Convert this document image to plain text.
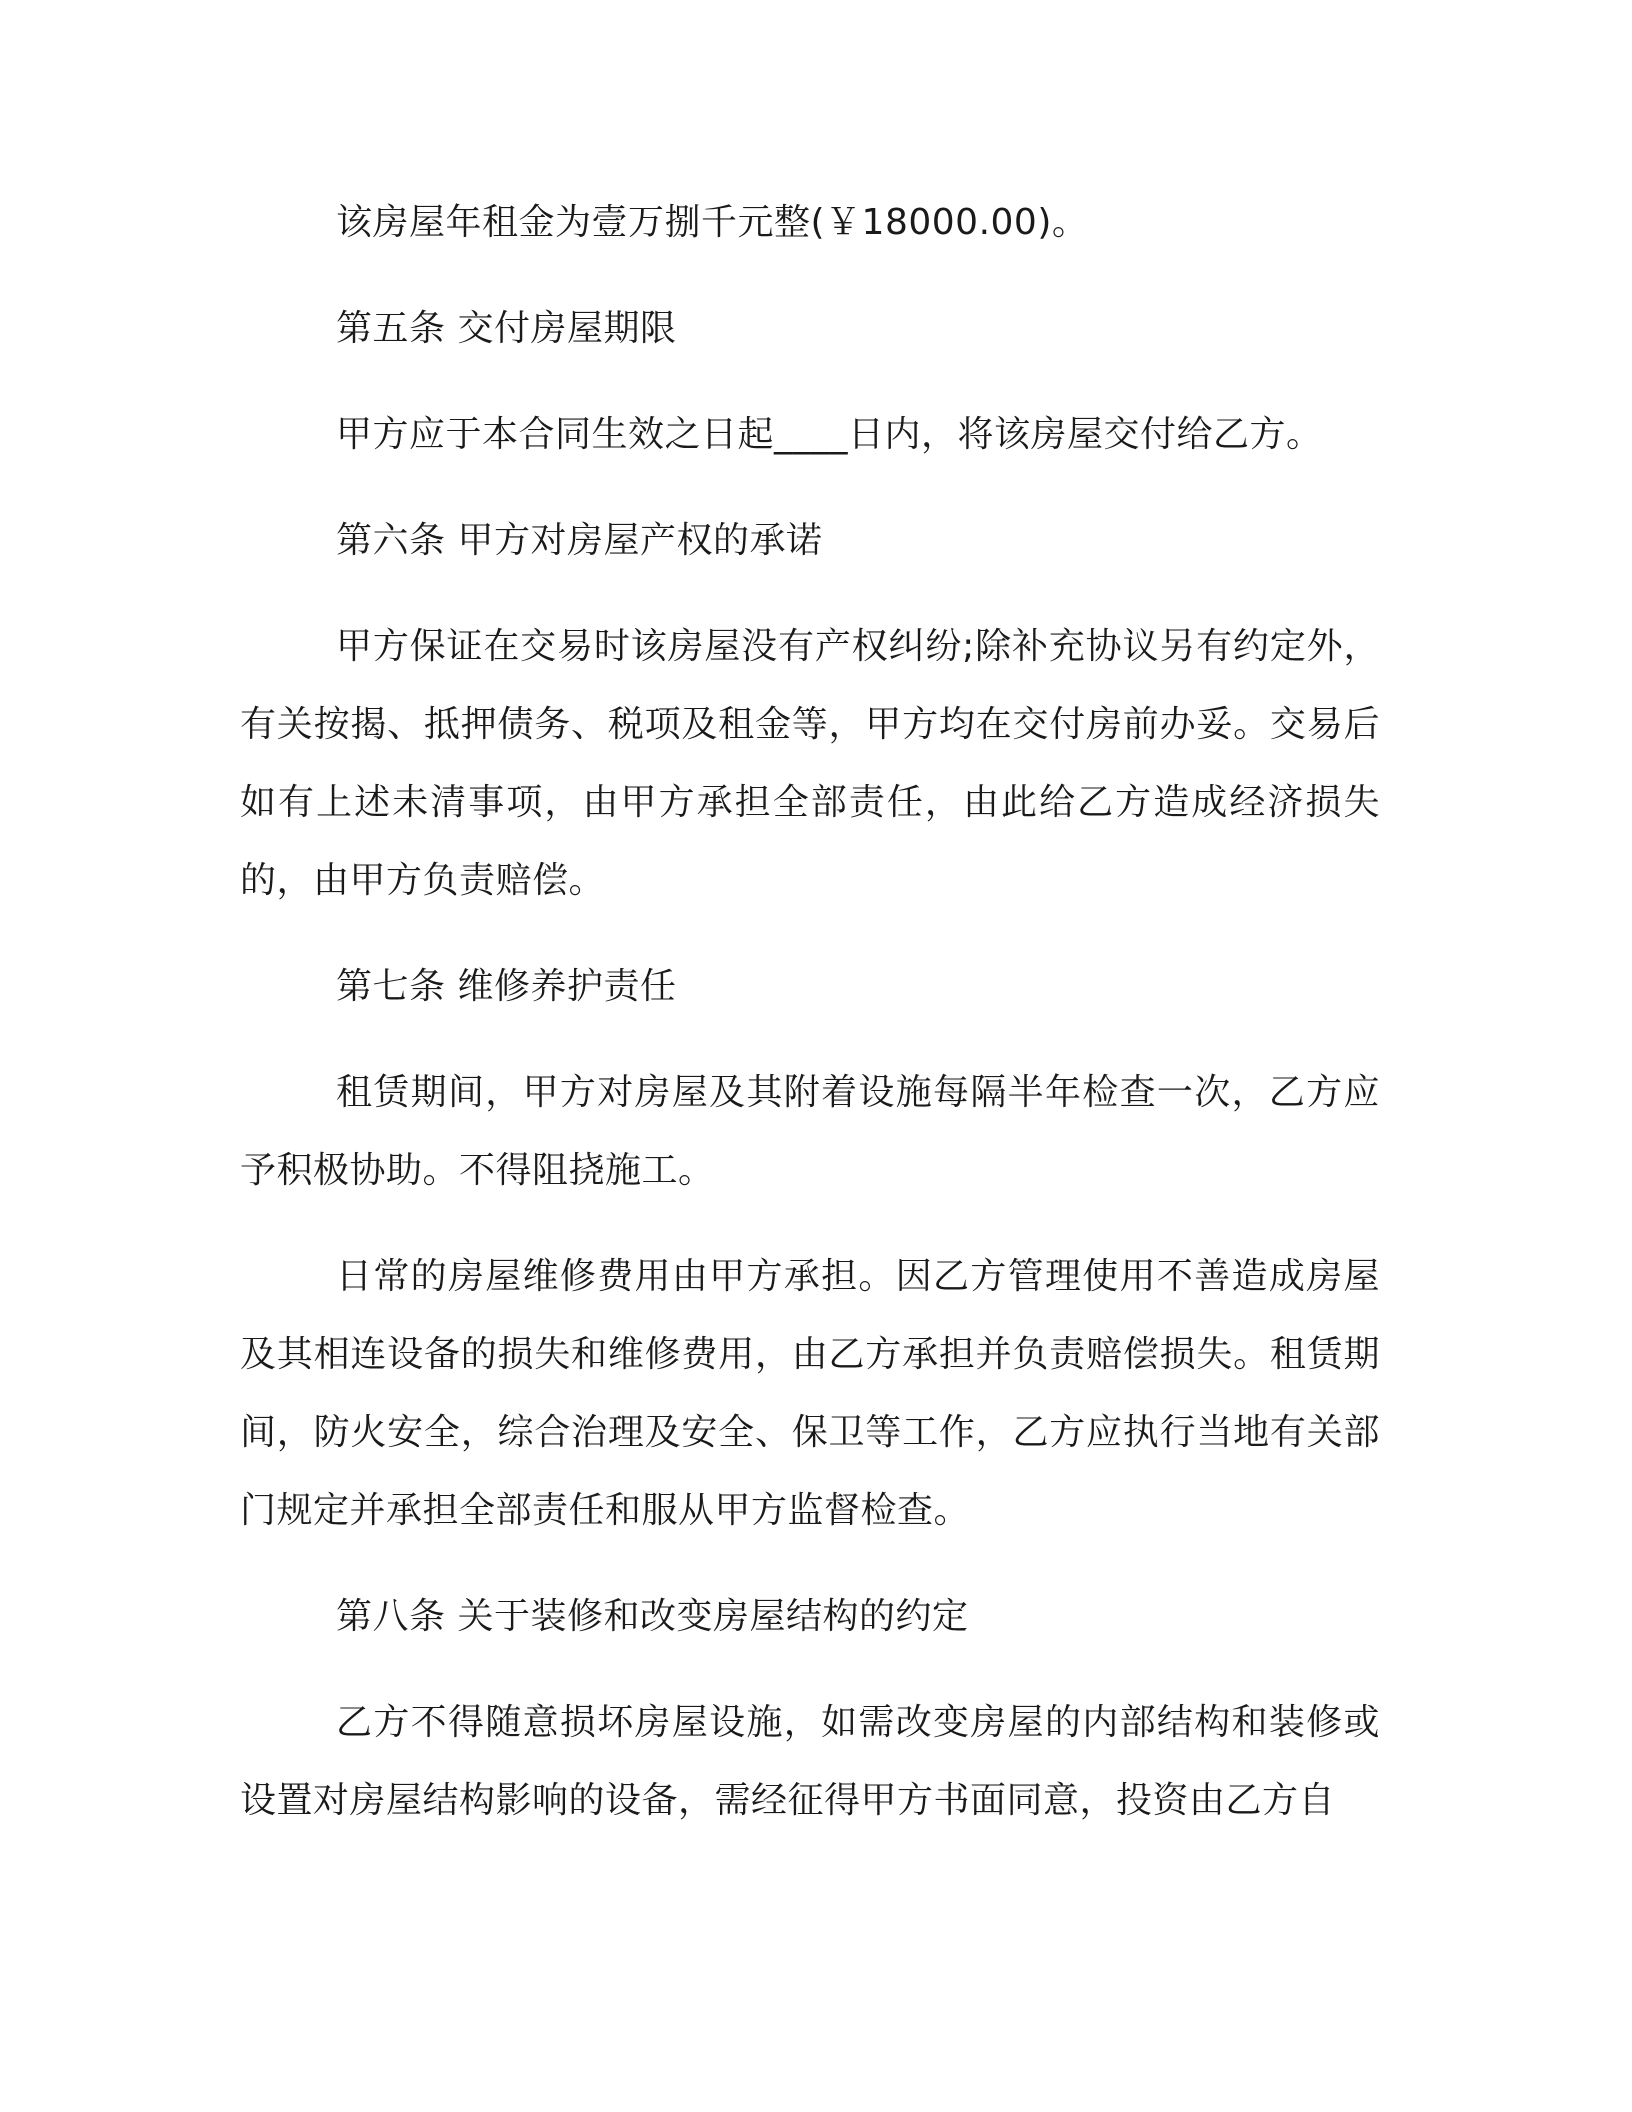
该房屋年租金为壹万捌千元整(￥18000.00)。

第五条 交付房屋期限

甲方应于本合同生效之日起____日内，将该房屋交付给乙方。

第六条 甲方对房屋产权的承诺

甲方保证在交易时该房屋没有产权纠纷;除补充协议另有约定外，有关按揭、抵押债务、税项及租金等，甲方均在交付房前办妥。交易后如有上述未清事项，由甲方承担全部责任，由此给乙方造成经济损失的，由甲方负责赔偿。

第七条 维修养护责任

租赁期间，甲方对房屋及其附着设施每隔半年检查一次，乙方应予积极协助。不得阻挠施工。

日常的房屋维修费用由甲方承担。因乙方管理使用不善造成房屋及其相连设备的损失和维修费用，由乙方承担并负责赔偿损失。租赁期间，防火安全，综合治理及安全、保卫等工作，乙方应执行当地有关部门规定并承担全部责任和服从甲方监督检查。

第八条 关于装修和改变房屋结构的约定

乙方不得随意损坏房屋设施，如需改变房屋的内部结构和装修或设置对房屋结构影响的设备，需经征得甲方书面同意，投资由乙方自
